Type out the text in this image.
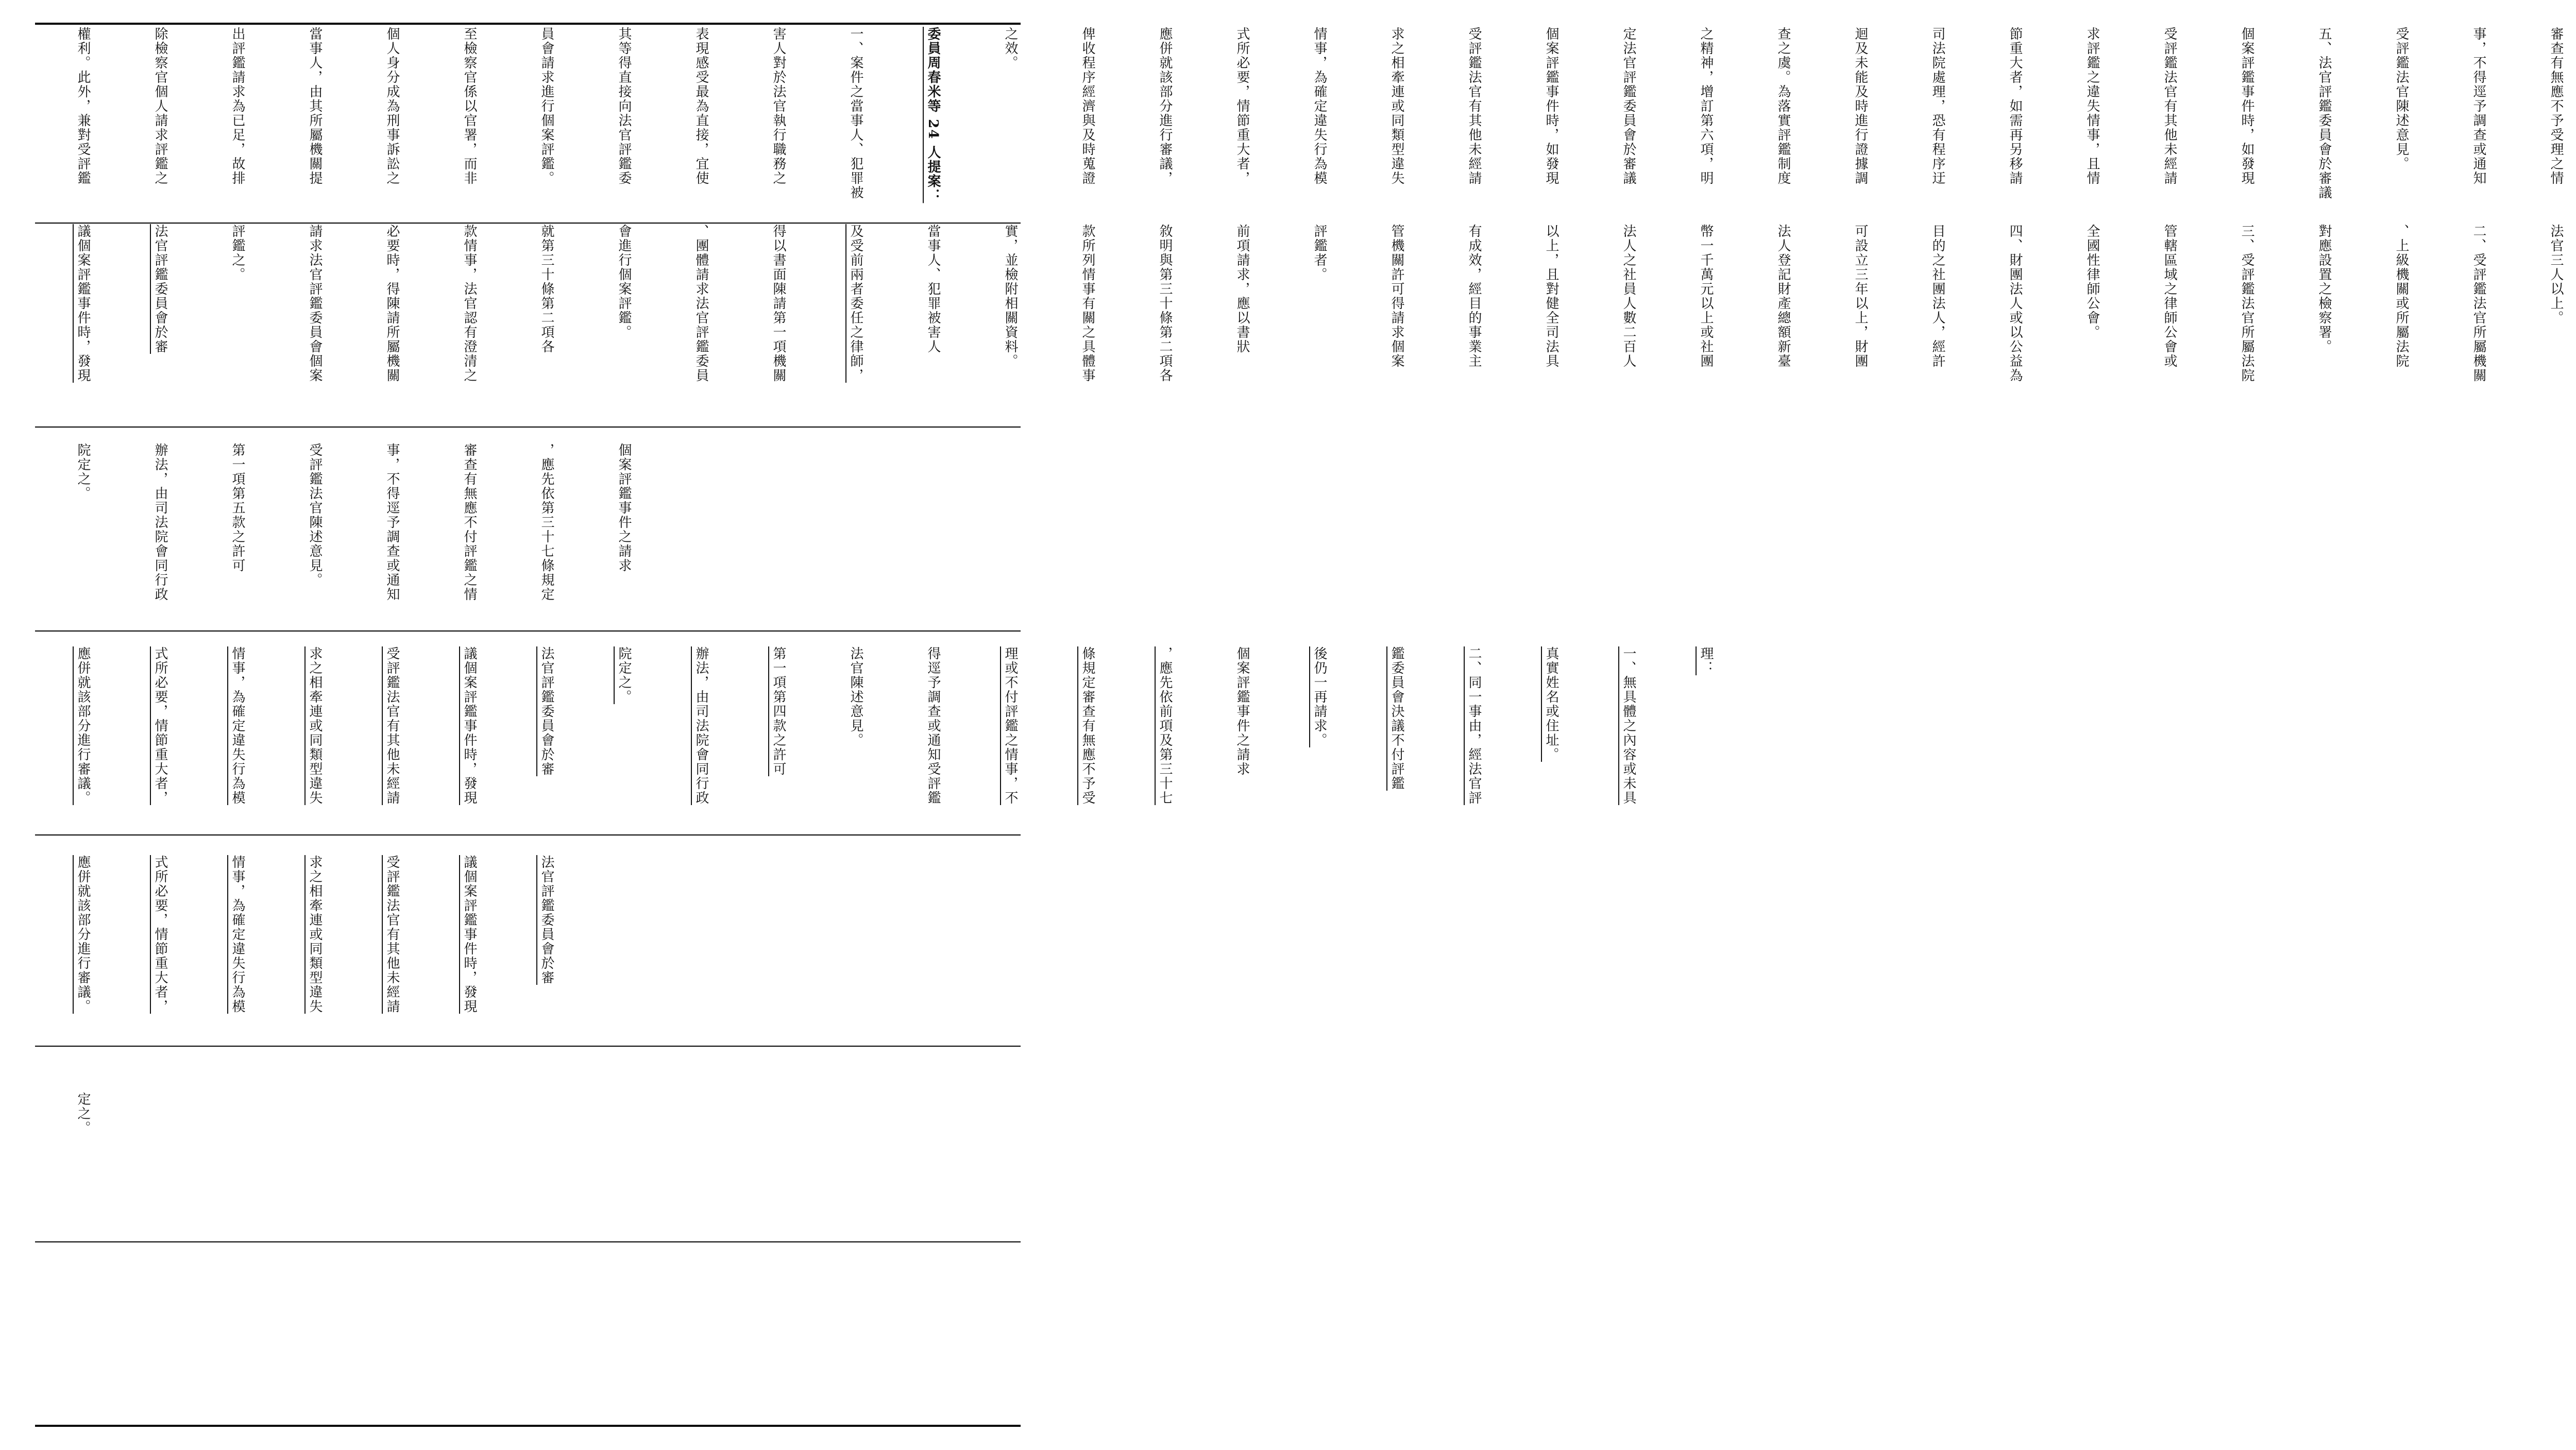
審查有無應不予受理之情

事，不得逕予調查或通知

受評鑑法官陳述意見。

五、法官評鑑委員會於審議

個案評鑑事件時，如發現

受評鑑法官有其他未經請

求評鑑之違失情事，且情

節重大者，如需再另移請

司法院處理，恐有程序迂

迴及未能及時進行證據調

查之虞。為落實評鑑制度

之精神，增訂第六項，明

定法官評鑑委員會於審議

個案評鑑事件時，如發現

受評鑑法官有其他未經請

求之相牽連或同類型違失

情事，為確定違失行為模

式所必要，情節重大者，

應併就該部分進行審議，

俾收程序經濟與及時蒐證

之效。

委員周春米等 24 人提案：

一、案件之當事人、犯罪被

害人對於法官執行職務之

表現感受最為直接，宜使

其等得直接向法官評鑑委

員會請求進行個案評鑑。

至檢察官係以官署，而非

個人身分成為刑事訴訟之

當事人，由其所屬機關提

出評鑑請求為已足，故排

除檢察官個人請求評鑑之

權利。此外，兼對受評鑑

法官三人以上。

二、受評鑑法官所屬機關

、上級機關或所屬法院

對應設置之檢察署。

三、受評鑑法官所屬法院

管轄區域之律師公會或

全國性律師公會。

四、財團法人或以公益為

目的之社團法人，經許

可設立三年以上，財團

法人登記財產總額新臺

幣一千萬元以上或社團

法人之社員人數二百人

以上，且對健全司法具

有成效，經目的事業主

管機關許可得請求個案

評鑑者。

前項請求，應以書狀

敘明與第三十條第二項各

款所列情事有關之具體事

實，並檢附相關資料。

當事人、犯罪被害人

及受前兩者委任之律師，

得以書面陳請第一項機關

、團體請求法官評鑑委員

會進行個案評鑑。

就第三十條第二項各

款情事，法官認有澄清之

必要時，得陳請所屬機關

請求法官評鑑委員會個案

評鑑之。

法官評鑑委員會於審

議個案評鑑事件時，發現

個案評鑑事件之請求

，應先依第三十七條規定

審查有無應不付評鑑之情

事，不得逕予調查或通知

受評鑑法官陳述意見。

第一項第五款之許可

辦法，由司法院會同行政

院定之。

理：

一、無具體之內容或未具

真實姓名或住址。

二、同一事由，經法官評

鑑委員會決議不付評鑑

後仍一再請求。

個案評鑑事件之請求

，應先依前項及第三十七

條規定審查有無應不予受

理或不付評鑑之情事，不

得逕予調查或通知受評鑑

法官陳述意見。

第一項第四款之許可

辦法，由司法院會同行政

院定之。

法官評鑑委員會於審

議個案評鑑事件時，發現

受評鑑法官有其他未經請

求之相牽連或同類型違失

情事，為確定違失行為模

式所必要，情節重大者，

應併就該部分進行審議。

法官評鑑委員會於審

議個案評鑑事件時，發現

受評鑑法官有其他未經請

求之相牽連或同類型違失

情事，為確定違失行為模

式所必要，情節重大者，

應併就該部分進行審議。

定之。
